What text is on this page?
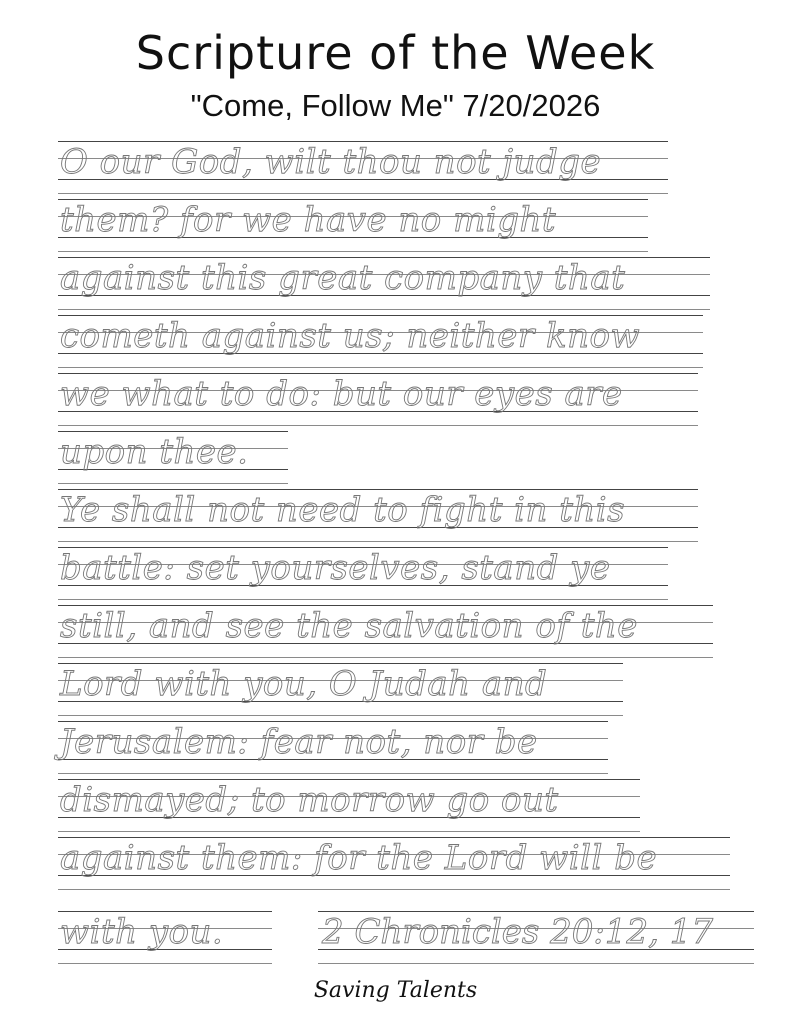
Scripture of the Week
"Come, Follow Me" 7/20/2026
O our God, wilt thou not judge
them? for we have no might
against this great company that
cometh against us; neither know
we what to do: but our eyes are
upon thee.
Ye shall not need to fight in this
battle: set yourselves, stand ye
still, and see the salvation of the
Lord with you, O Judah and
Jerusalem: fear not, nor be
dismayed; to morrow go out
against them: for the Lord will be
with you.	2 Chronicles 20:12, 17
Saving Talents
